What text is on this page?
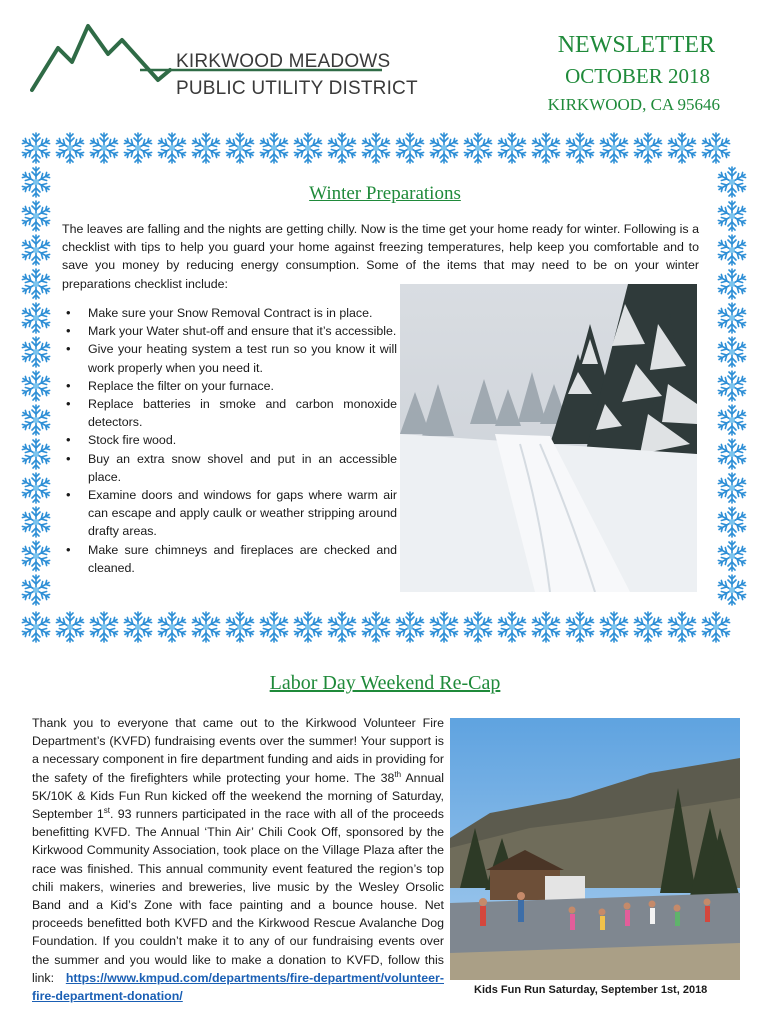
KIRKWOOD MEADOWS
PUBLIC UTILITY DISTRICT
NEWSLETTER
OCTOBER 2018
KIRKWOOD, CA 95646
Winter Preparations
The leaves are falling and the nights are getting chilly. Now is the time get your home ready for winter. Following is a checklist with tips to help you guard your home against freezing temperatures, help keep you comfortable and to save you money by reducing energy consumption. Some of the items that may need to be on your winter preparations checklist include:
• Make sure your Snow Removal Contract is in place.
• Mark your Water shut-off and ensure that it’s accessible.
• Give your heating system a test run so you know it will work properly when you need it.
• Replace the filter on your furnace.
• Replace batteries in smoke and carbon monoxide detectors.
• Stock fire wood.
• Buy an extra snow shovel and put in an accessible place.
• Examine doors and windows for gaps where warm air can escape and apply caulk or weather stripping around drafty areas.
• Make sure chimneys and fireplaces are checked and cleaned.
Labor Day Weekend Re-Cap
Thank you to everyone that came out to the Kirkwood Volunteer Fire Department’s (KVFD) fundraising events over the summer! Your support is a necessary component in fire department funding and aids in providing for the safety of the firefighters while protecting your home. The 38th Annual 5K/10K & Kids Fun Run kicked off the weekend the morning of Saturday, September 1st. 93 runners participated in the race with all of the proceeds benefitting KVFD. The Annual ‘Thin Air’ Chili Cook Off, sponsored by the Kirkwood Community Association, took place on the Village Plaza after the race was finished. This annual community event featured the region’s top chili makers, wineries and breweries, live music by the Wesley Orsolic Band and a Kid’s Zone with face painting and a bounce house. Net proceeds benefitted both KVFD and the Kirkwood Rescue Avalanche Dog Foundation. If you couldn’t make it to any of our fundraising events over the summer and you would like to make a donation to KVFD, follow this link: https://www.kmpud.com/departments/fire-department/volunteer-fire-department-donation/	Kids Fun Run Saturday, September 1st, 2018
